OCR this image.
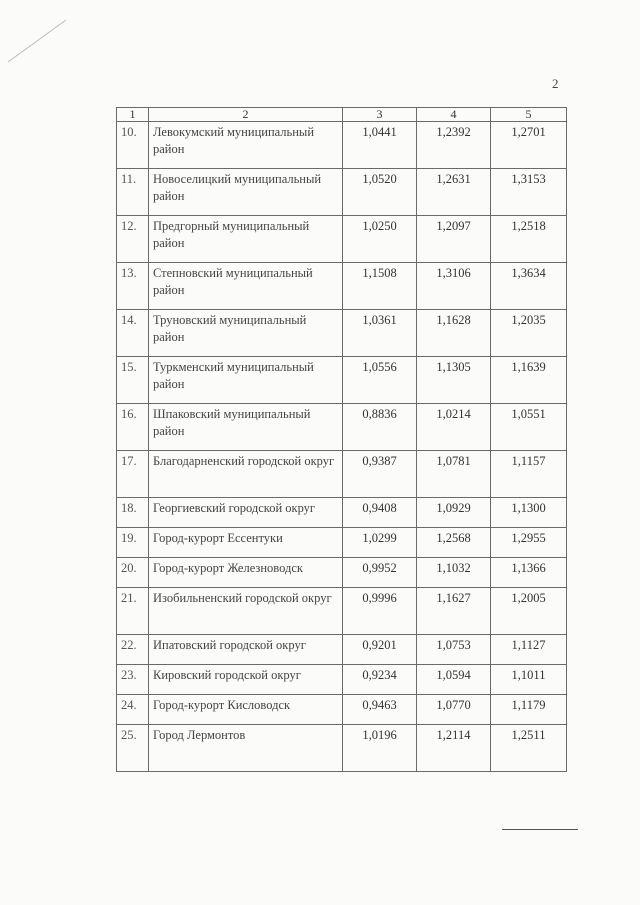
2
1	2	3	4	5
10.	Левокумский муниципальный район	1,0441	1,2392	1,2701
11.	Новоселицкий муниципальный район	1,0520	1,2631	1,3153
12.	Предгорный муниципальный район	1,0250	1,2097	1,2518
13.	Степновский муниципальный район	1,1508	1,3106	1,3634
14.	Труновский муниципальный район	1,0361	1,1628	1,2035
15.	Туркменский муниципальный район	1,0556	1,1305	1,1639
16.	Шпаковский муниципальный район	0,8836	1,0214	1,0551
17.	Благодарненский городской округ	0,9387	1,0781	1,1157
18.	Георгиевский городской округ	0,9408	1,0929	1,1300
19.	Город-курорт Ессентуки	1,0299	1,2568	1,2955
20.	Город-курорт Железноводск	0,9952	1,1032	1,1366
21.	Изобильненский городской округ	0,9996	1,1627	1,2005
22.	Ипатовский городской округ	0,9201	1,0753	1,1127
23.	Кировский городской округ	0,9234	1,0594	1,1011
24.	Город-курорт Кисловодск	0,9463	1,0770	1,1179
25.	Город Лермонтов	1,0196	1,2114	1,2511
